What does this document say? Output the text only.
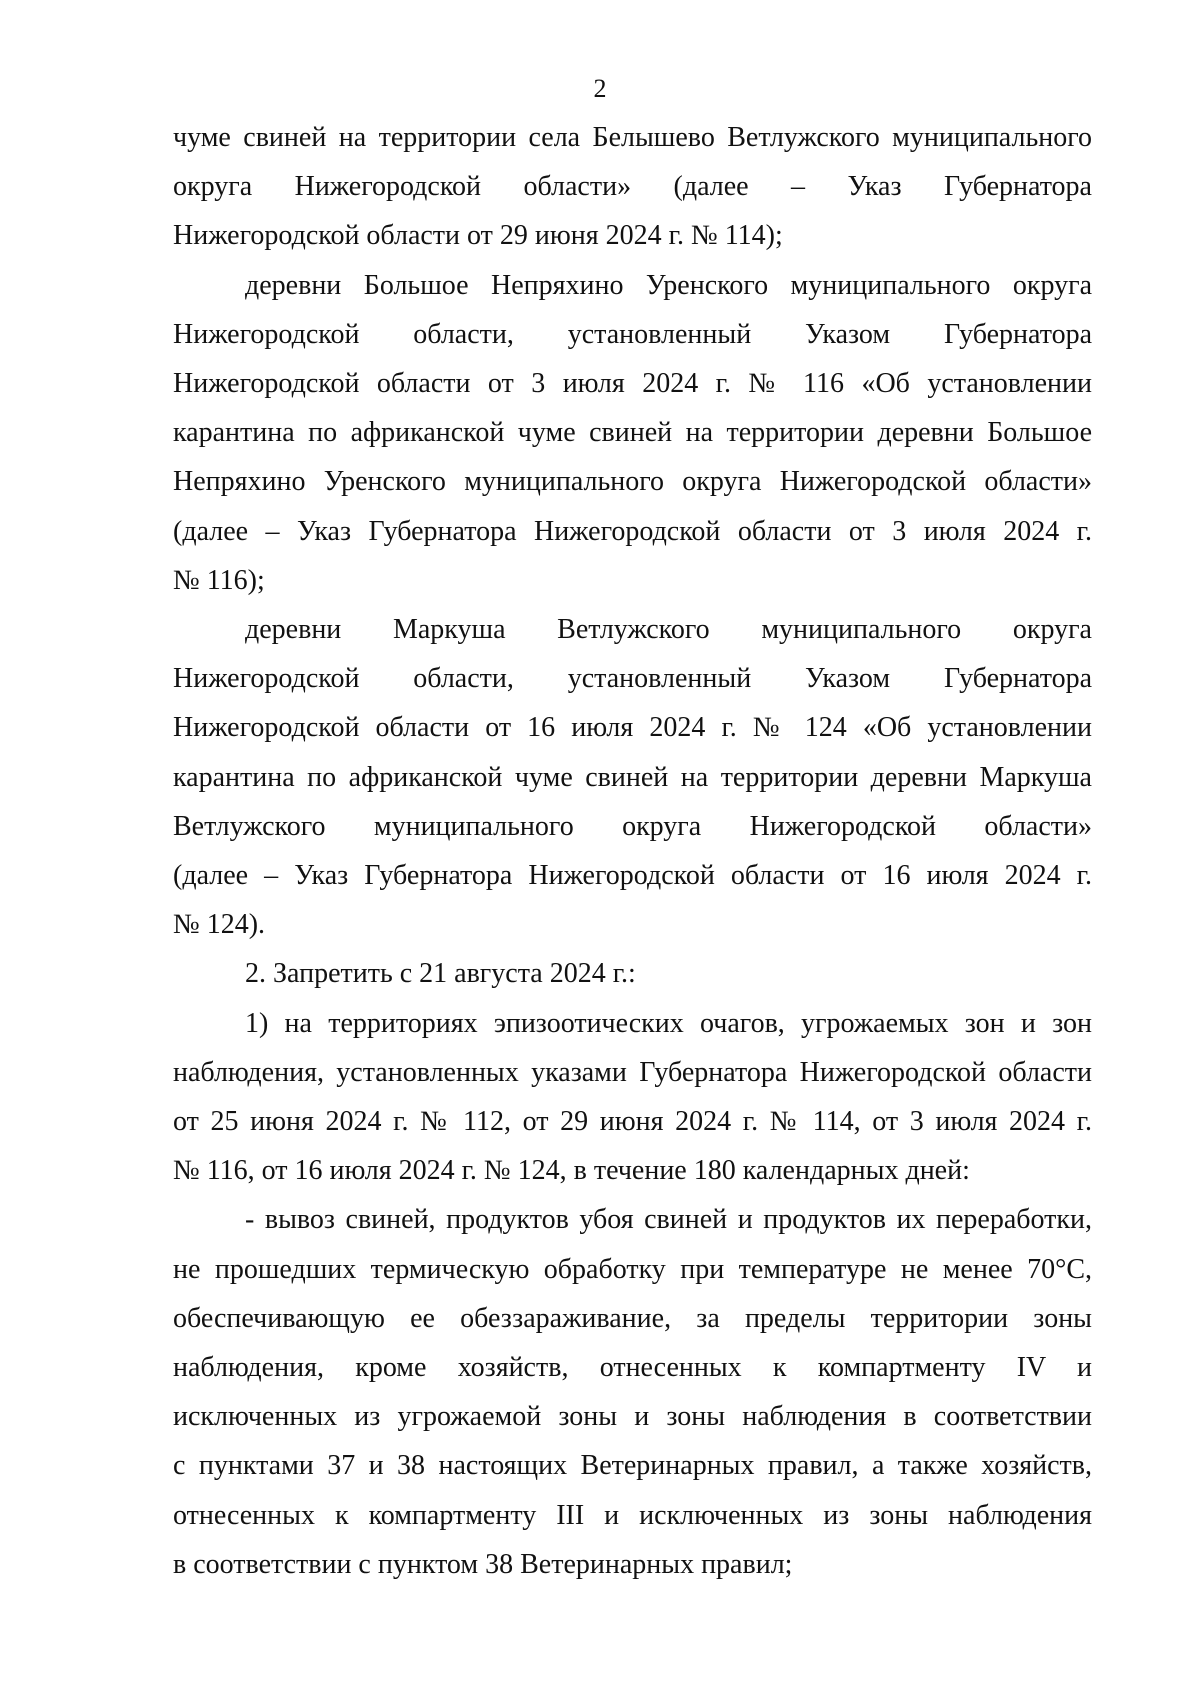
2
чуме свиней на территории села Белышево Ветлужского муниципального
округа Нижегородской области» (далее – Указ Губернатора
Нижегородской области от 29 июня 2024 г. № 114);
деревни Большое Непряхино Уренского муниципального округа
Нижегородской области, установленный Указом Губернатора
Нижегородской области от 3 июля 2024 г. № 116 «Об установлении
карантина по африканской чуме свиней на территории деревни Большое
Непряхино Уренского муниципального округа Нижегородской области»
(далее – Указ Губернатора Нижегородской области от 3 июля 2024 г.
№ 116);
деревни Маркуша Ветлужского муниципального округа
Нижегородской области, установленный Указом Губернатора
Нижегородской области от 16 июля 2024 г. № 124 «Об установлении
карантина по африканской чуме свиней на территории деревни Маркуша
Ветлужского муниципального округа Нижегородской области»
(далее – Указ Губернатора Нижегородской области от 16 июля 2024 г.
№ 124).
2. Запретить с 21 августа 2024 г.:
1) на территориях эпизоотических очагов, угрожаемых зон и зон
наблюдения, установленных указами Губернатора Нижегородской области
от 25 июня 2024 г. № 112, от 29 июня 2024 г. № 114, от 3 июля 2024 г.
№ 116, от 16 июля 2024 г. № 124, в течение 180 календарных дней:
- вывоз свиней, продуктов убоя свиней и продуктов их переработки,
не прошедших термическую обработку при температуре не менее 70°С,
обеспечивающую ее обеззараживание, за пределы территории зоны
наблюдения, кроме хозяйств, отнесенных к компартменту IV и
исключенных из угрожаемой зоны и зоны наблюдения в соответствии
с пунктами 37 и 38 настоящих Ветеринарных правил, а также хозяйств,
отнесенных к компартменту III и исключенных из зоны наблюдения
в соответствии с пунктом 38 Ветеринарных правил;
